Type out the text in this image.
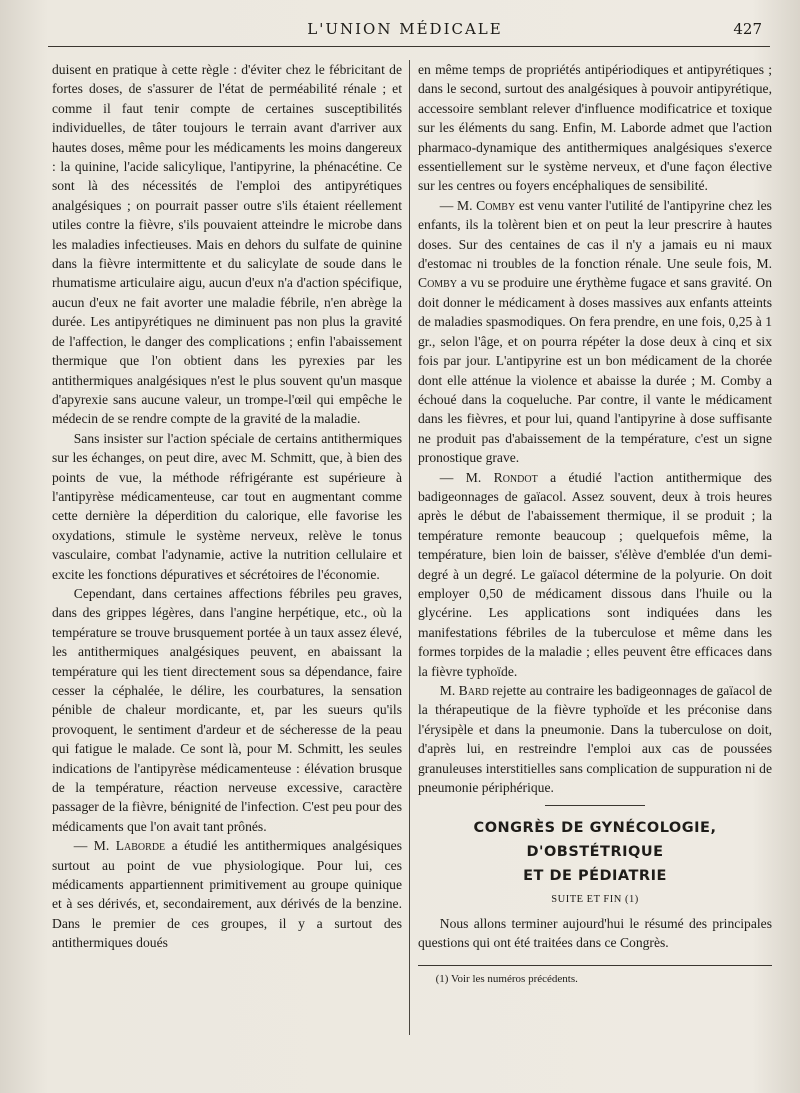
L'UNION MÉDICALE	427

duisent en pratique à cette règle : d'éviter chez le fébricitant de fortes doses, de s'assurer de l'état de perméabilité rénale ; et comme il faut tenir compte de certaines susceptibilités individuelles, de tâter toujours le terrain avant d'arriver aux hautes doses, même pour les médicaments les moins dangereux : la quinine, l'acide salicylique, l'antipyrine, la phénacétine. Ce sont là des nécessités de l'emploi des antipyrétiques analgésiques ; on pourrait passer outre s'ils étaient réellement utiles contre la fièvre, s'ils pouvaient atteindre le microbe dans les maladies infectieuses. Mais en dehors du sulfate de quinine dans la fièvre intermittente et du salicylate de soude dans le rhumatisme articulaire aigu, aucun d'eux n'a d'action spécifique, aucun d'eux ne fait avorter une maladie fébrile, n'en abrège la durée. Les antipyrétiques ne diminuent pas non plus la gravité de l'affection, le danger des complications ; enfin l'abaissement thermique que l'on obtient dans les pyrexies par les antithermiques analgésiques n'est le plus souvent qu'un masque d'apyrexie sans aucune valeur, un trompe-l'œil qui empêche le médecin de se rendre compte de la gravité de la maladie.

Sans insister sur l'action spéciale de certains antithermiques sur les échanges, on peut dire, avec M. Schmitt, que, à bien des points de vue, la méthode réfrigérante est supérieure à l'antipyrèse médicamenteuse, car tout en augmentant comme cette dernière la déperdition du calorique, elle favorise les oxydations, stimule le système nerveux, relève le tonus vasculaire, combat l'adynamie, active la nutrition cellulaire et excite les fonctions dépuratives et sécrétoires de l'économie.

Cependant, dans certaines affections fébriles peu graves, dans des grippes légères, dans l'angine herpétique, etc., où la température se trouve brusquement portée à un taux assez élevé, les antithermiques analgésiques peuvent, en abaissant la température qui les tient directement sous sa dépendance, faire cesser la céphalée, le délire, les courbatures, la sensation pénible de chaleur mordicante, et, par les sueurs qu'ils provoquent, le sentiment d'ardeur et de sécheresse de la peau qui fatigue le malade. Ce sont là, pour M. Schmitt, les seules indications de l'antipyrèse médicamenteuse : élévation brusque de la température, réaction nerveuse excessive, caractère passager de la fièvre, bénignité de l'infection. C'est peu pour des médicaments que l'on avait tant prônés.

— M. Laborde a étudié les antithermiques analgésiques surtout au point de vue physiologique. Pour lui, ces médicaments appartiennent primitivement au groupe quinique et à ses dérivés, et, secondairement, aux dérivés de la benzine. Dans le premier de ces groupes, il y a surtout des antithermiques doués

en même temps de propriétés antipériodiques et antipyrétiques ; dans le second, surtout des analgésiques à pouvoir antipyrétique, accessoire semblant relever d'influence modificatrice et toxique sur les éléments du sang. Enfin, M. Laborde admet que l'action pharmaco-dynamique des antithermiques analgésiques s'exerce essentiellement sur le système nerveux, et d'une façon élective sur les centres ou foyers encéphaliques de sensibilité.

— M. Comby est venu vanter l'utilité de l'antipyrine chez les enfants, ils la tolèrent bien et on peut la leur prescrire à hautes doses. Sur des centaines de cas il n'y a jamais eu ni maux d'estomac ni troubles de la fonction rénale. Une seule fois, M. Comby a vu se produire une érythème fugace et sans gravité. On doit donner le médicament à doses massives aux enfants atteints de maladies spasmodiques. On fera prendre, en une fois, 0,25 à 1 gr., selon l'âge, et on pourra répéter la dose deux à cinq et six fois par jour. L'antipyrine est un bon médicament de la chorée dont elle atténue la violence et abaisse la durée ; M. Comby a échoué dans la coqueluche. Par contre, il vante le médicament dans les fièvres, et pour lui, quand l'antipyrine à dose suffisante ne produit pas d'abaissement de la température, c'est un signe pronostique grave.

— M. Rondot a étudié l'action antithermique des badigeonnages de gaïacol. Assez souvent, deux à trois heures après le début de l'abaissement thermique, il se produit ; la température remonte beaucoup ; quelquefois même, la température, bien loin de baisser, s'élève d'emblée d'un demi-degré à un degré. Le gaïacol détermine de la polyurie. On doit employer 0,50 de médicament dissous dans l'huile ou la glycérine. Les applications sont indiquées dans les manifestations fébriles de la tuberculose et même dans les formes torpides de la maladie ; elles peuvent être efficaces dans la fièvre typhoïde.

M. Bard rejette au contraire les badigeonnages de gaïacol de la thérapeutique de la fièvre typhoïde et les préconise dans l'érysipèle et dans la pneumonie. Dans la tuberculose on doit, d'après lui, en restreindre l'emploi aux cas de poussées granuleuses interstitielles sans complication de suppuration ni de pneumonie périphérique.

CONGRÈS DE GYNÉCOLOGIE, D'OBSTÉTRIQUE
ET DE PÉDIATRIE
SUITE ET FIN (1)

Nous allons terminer aujourd'hui le résumé des principales questions qui ont été traitées dans ce Congrès.

(1) Voir les numéros précédents.
